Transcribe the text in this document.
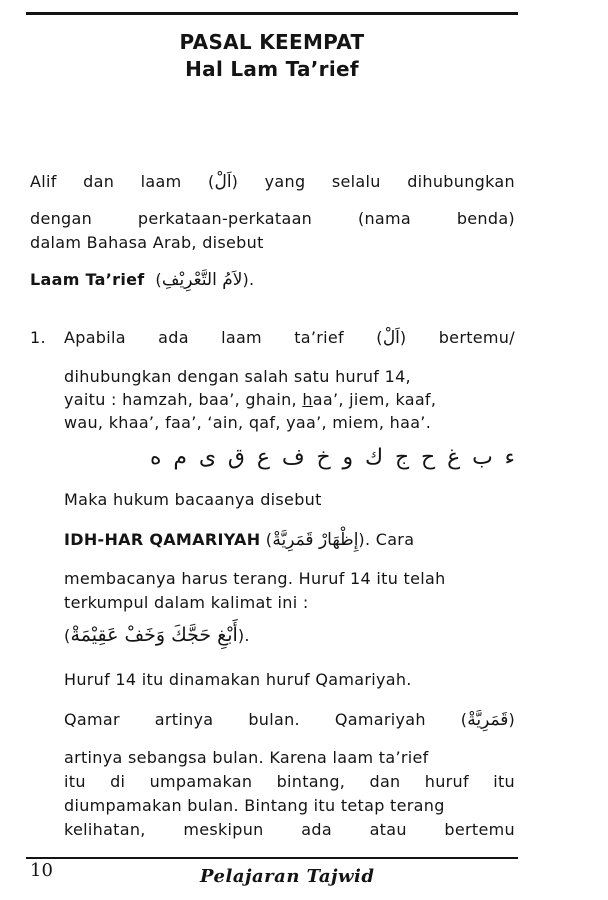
PASAL KEEMPAT
Hal Lam Ta’rief
Alif dan laam (اَلْ) yang selalu dihubungkan
dengan	perkataan-perkataan	(nama	benda)
dalam Bahasa Arab, disebut
Laam Ta’rief  (لاَمُ التَّعْرِيْفِ).
1. Apabila ada laam ta’rief (اَلْ) bertemu/
dihubungkan dengan salah satu huruf 14,
yaitu : hamzah, baa’, ghain, haa’, jiem, kaaf,
wau, khaa’, faa’, ‘ain, qaf, yaa’, miem, haa’.
ء
ب
غ
ح
ج
ك
و
خ
ف
ع
ق
ى
م
ه
Maka hukum bacaanya disebut
IDH-HAR QAMARIYAH (إِظْهَارْ قَمَرِيَّةْ). Cara
membacanya harus terang. Huruf 14 itu telah
terkumpul dalam kalimat ini :
(أَبْغِ حَجَّكَ وَخَفْ عَقِيْمَةْ).
Huruf 14 itu dinamakan huruf Qamariyah.
Qamar artinya bulan. Qamariyah (قَمَرِيَّةْ)
artinya sebangsa bulan. Karena laam ta’rief
itu di umpamakan bintang, dan huruf itu
diumpamakan bulan. Bintang itu tetap terang
kelihatan, meskipun ada atau bertemu
10	Pelajaran Tajwid
